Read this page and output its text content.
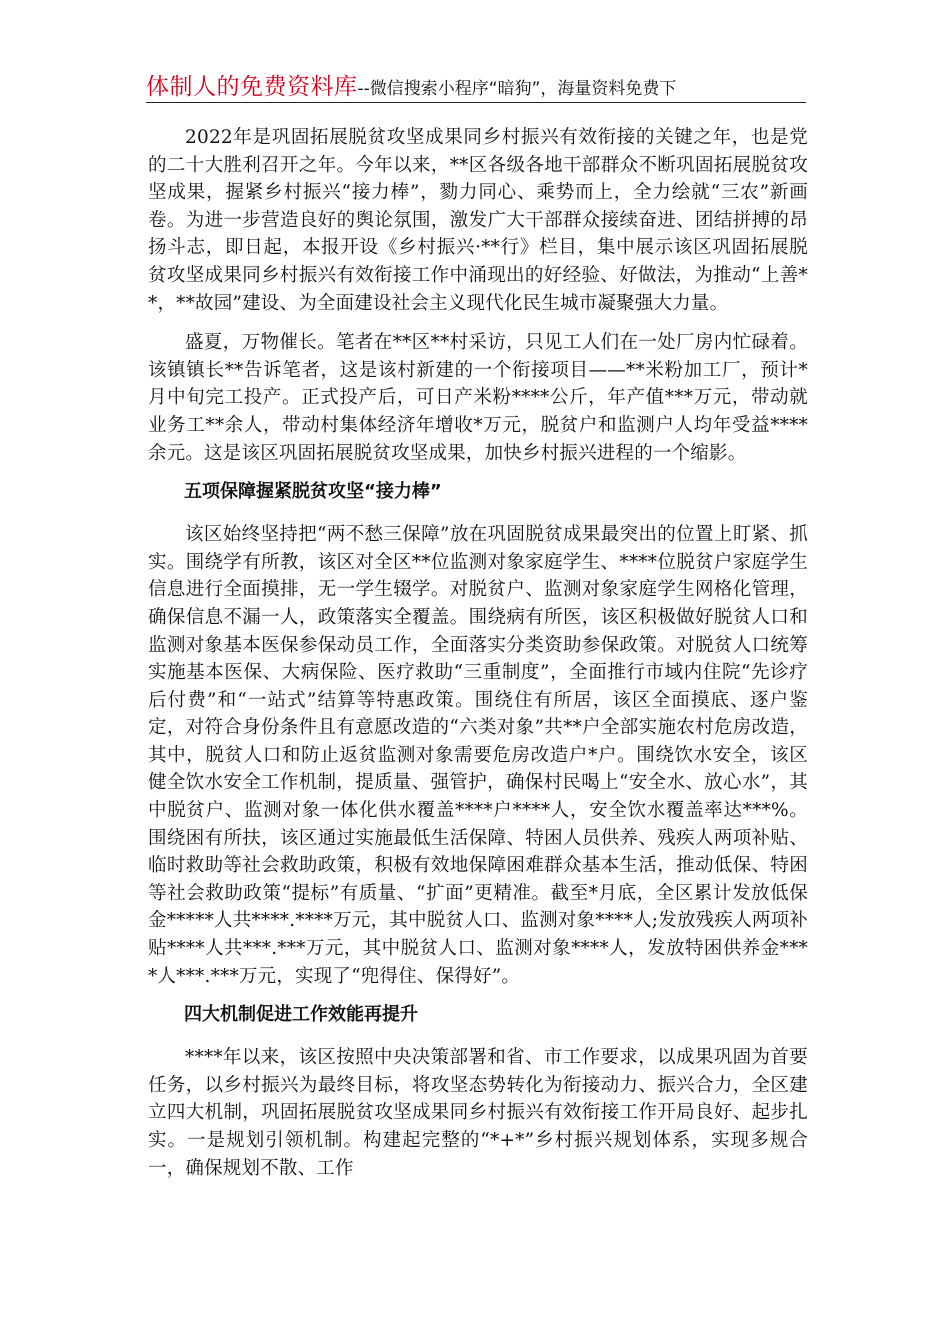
体制人的免费资料库--微信搜索小程序“暗狗”，海量资料免费下

2022年是巩固拓展脱贫攻坚成果同乡村振兴有效衔接的关键之年，也是党的二十大胜利召开之年。今年以来，**区各级各地干部群众不断巩固拓展脱贫攻坚成果，握紧乡村振兴“接力棒”，勠力同心、乘势而上，全力绘就“三农”新画卷。为进一步营造良好的舆论氛围，激发广大干部群众接续奋进、团结拼搏的昂扬斗志，即日起，本报开设《乡村振兴·**行》栏目，集中展示该区巩固拓展脱贫攻坚成果同乡村振兴有效衔接工作中涌现出的好经验、好做法，为推动“上善**，**故园”建设、为全面建设社会主义现代化民生城市凝聚强大力量。

盛夏，万物催长。笔者在**区**村采访，只见工人们在一处厂房内忙碌着。该镇镇长**告诉笔者，这是该村新建的一个衔接项目——**米粉加工厂，预计*月中旬完工投产。正式投产后，可日产米粉****公斤，年产值***万元，带动就业务工**余人，带动村集体经济年增收*万元，脱贫户和监测户人均年受益****余元。这是该区巩固拓展脱贫攻坚成果，加快乡村振兴进程的一个缩影。

五项保障握紧脱贫攻坚“接力棒”

该区始终坚持把“两不愁三保障”放在巩固脱贫成果最突出的位置上盯紧、抓实。围绕学有所教，该区对全区**位监测对象家庭学生、****位脱贫户家庭学生信息进行全面摸排，无一学生辍学。对脱贫户、监测对象家庭学生网格化管理，确保信息不漏一人，政策落实全覆盖。围绕病有所医，该区积极做好脱贫人口和监测对象基本医保参保动员工作，全面落实分类资助参保政策。对脱贫人口统筹实施基本医保、大病保险、医疗救助“三重制度”，全面推行市域内住院“先诊疗后付费”和“一站式”结算等特惠政策。围绕住有所居，该区全面摸底、逐户鉴定，对符合身份条件且有意愿改造的“六类对象”共**户全部实施农村危房改造，其中，脱贫人口和防止返贫监测对象需要危房改造户*户。围绕饮水安全，该区健全饮水安全工作机制，提质量、强管护，确保村民喝上“安全水、放心水”，其中脱贫户、监测对象一体化供水覆盖****户****人，安全饮水覆盖率达***%。围绕困有所扶，该区通过实施最低生活保障、特困人员供养、残疾人两项补贴、临时救助等社会救助政策，积极有效地保障困难群众基本生活，推动低保、特困等社会救助政策“提标”有质量、“扩面”更精准。截至*月底，全区累计发放低保金*****人共****.****万元，其中脱贫人口、监测对象****人;发放残疾人两项补贴****人共***.***万元，其中脱贫人口、监测对象****人，发放特困供养金****人***.***万元，实现了“兜得住、保得好”。

四大机制促进工作效能再提升

****年以来，该区按照中央决策部署和省、市工作要求，以成果巩固为首要任务，以乡村振兴为最终目标，将攻坚态势转化为衔接动力、振兴合力，全区建立四大机制，巩固拓展脱贫攻坚成果同乡村振兴有效衔接工作开局良好、起步扎实。一是规划引领机制。构建起完整的“*+*”乡村振兴规划体系，实现多规合一，确保规划不散、工作
